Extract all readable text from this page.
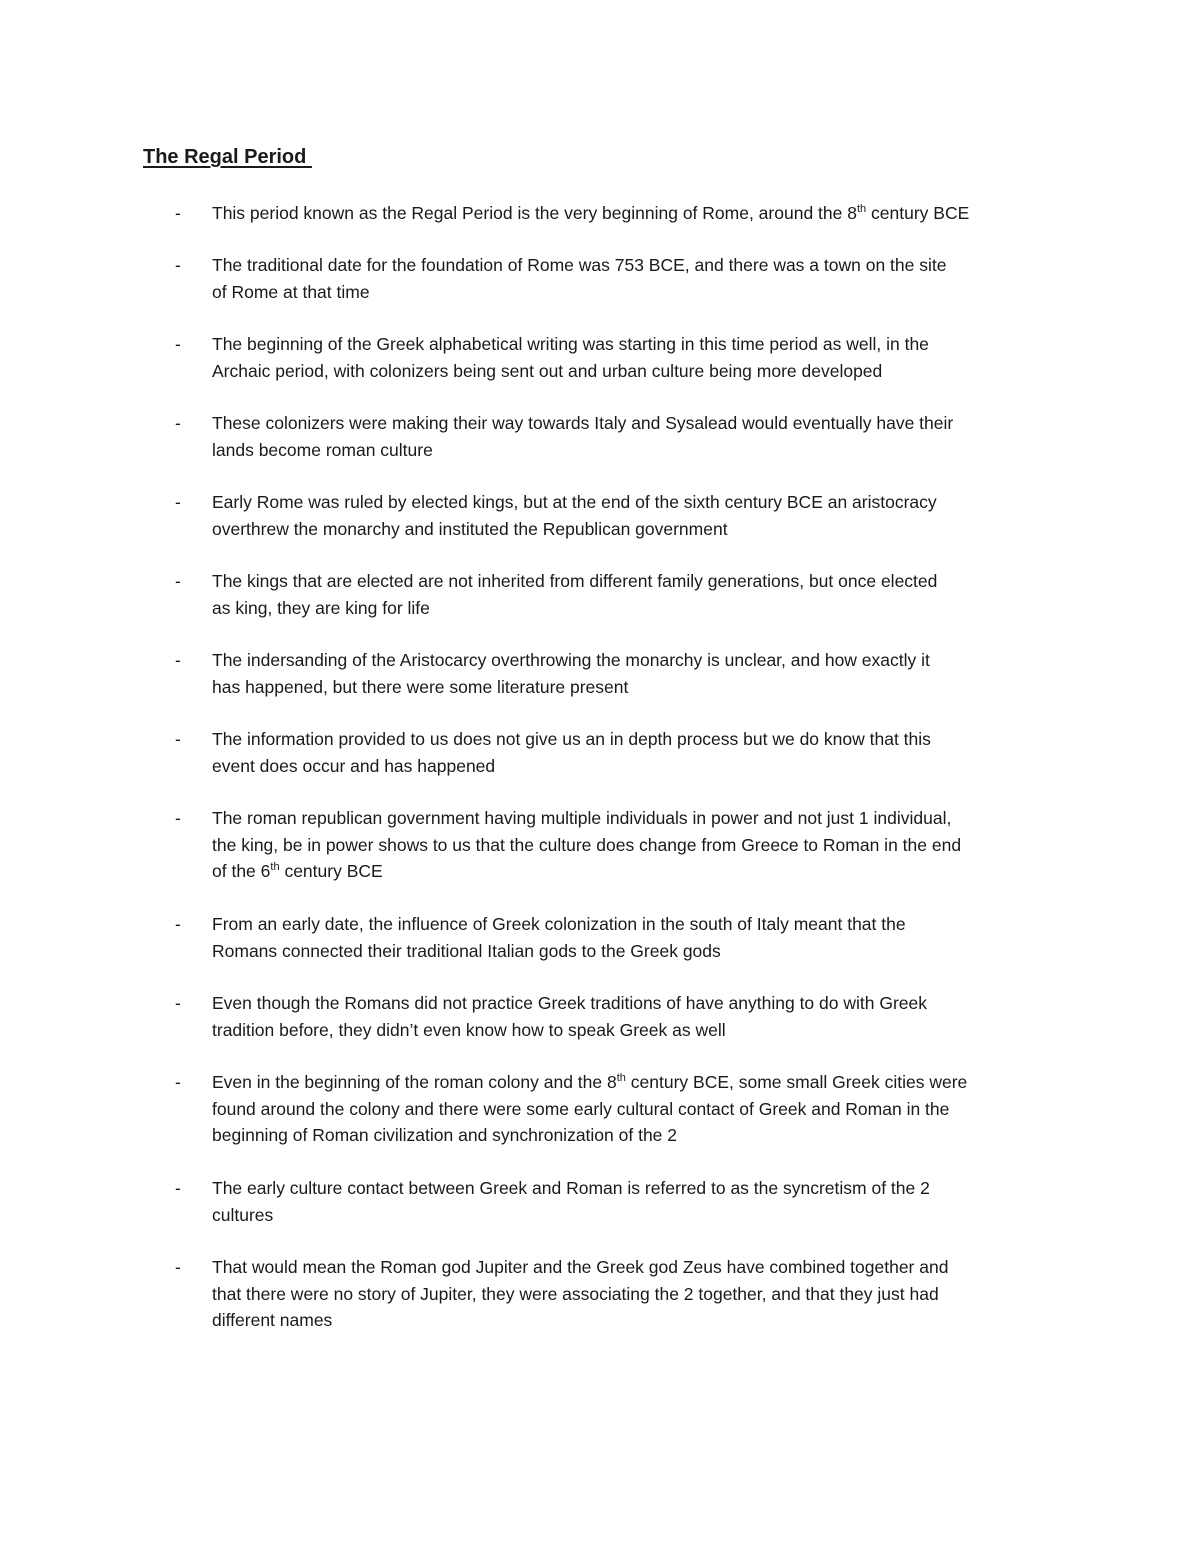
The Regal Period
-	This period known as the Regal Period is the very beginning of Rome, around the 8th century BCE
-	The traditional date for the foundation of Rome was 753 BCE, and there was a town on the site
of Rome at that time
-	The beginning of the Greek alphabetical writing was starting in this time period as well, in the
Archaic period, with colonizers being sent out and urban culture being more developed
-	These colonizers were making their way towards Italy and Sysalead would eventually have their
lands become roman culture
-	Early Rome was ruled by elected kings, but at the end of the sixth century BCE an aristocracy
overthrew the monarchy and instituted the Republican government
-	The kings that are elected are not inherited from different family generations, but once elected
as king, they are king for life
-	The indersanding of the Aristocarcy overthrowing the monarchy is unclear, and how exactly it
has happened, but there were some literature present
-	The information provided to us does not give us an in depth process but we do know that this
event does occur and has happened
-	The roman republican government having multiple individuals in power and not just 1 individual,
the king, be in power shows to us that the culture does change from Greece to Roman in the end
of the 6th century BCE
-	From an early date, the influence of Greek colonization in the south of Italy meant that the
Romans connected their traditional Italian gods to the Greek gods
-	Even though the Romans did not practice Greek traditions of have anything to do with Greek
tradition before, they didn’t even know how to speak Greek as well
-	Even in the beginning of the roman colony and the 8th century BCE, some small Greek cities were
found around the colony and there were some early cultural contact of Greek and Roman in the
beginning of Roman civilization and synchronization of the 2
-	The early culture contact between Greek and Roman is referred to as the syncretism of the 2
cultures
-	That would mean the Roman god Jupiter and the Greek god Zeus have combined together and
that there were no story of Jupiter, they were associating the 2 together, and that they just had
different names
